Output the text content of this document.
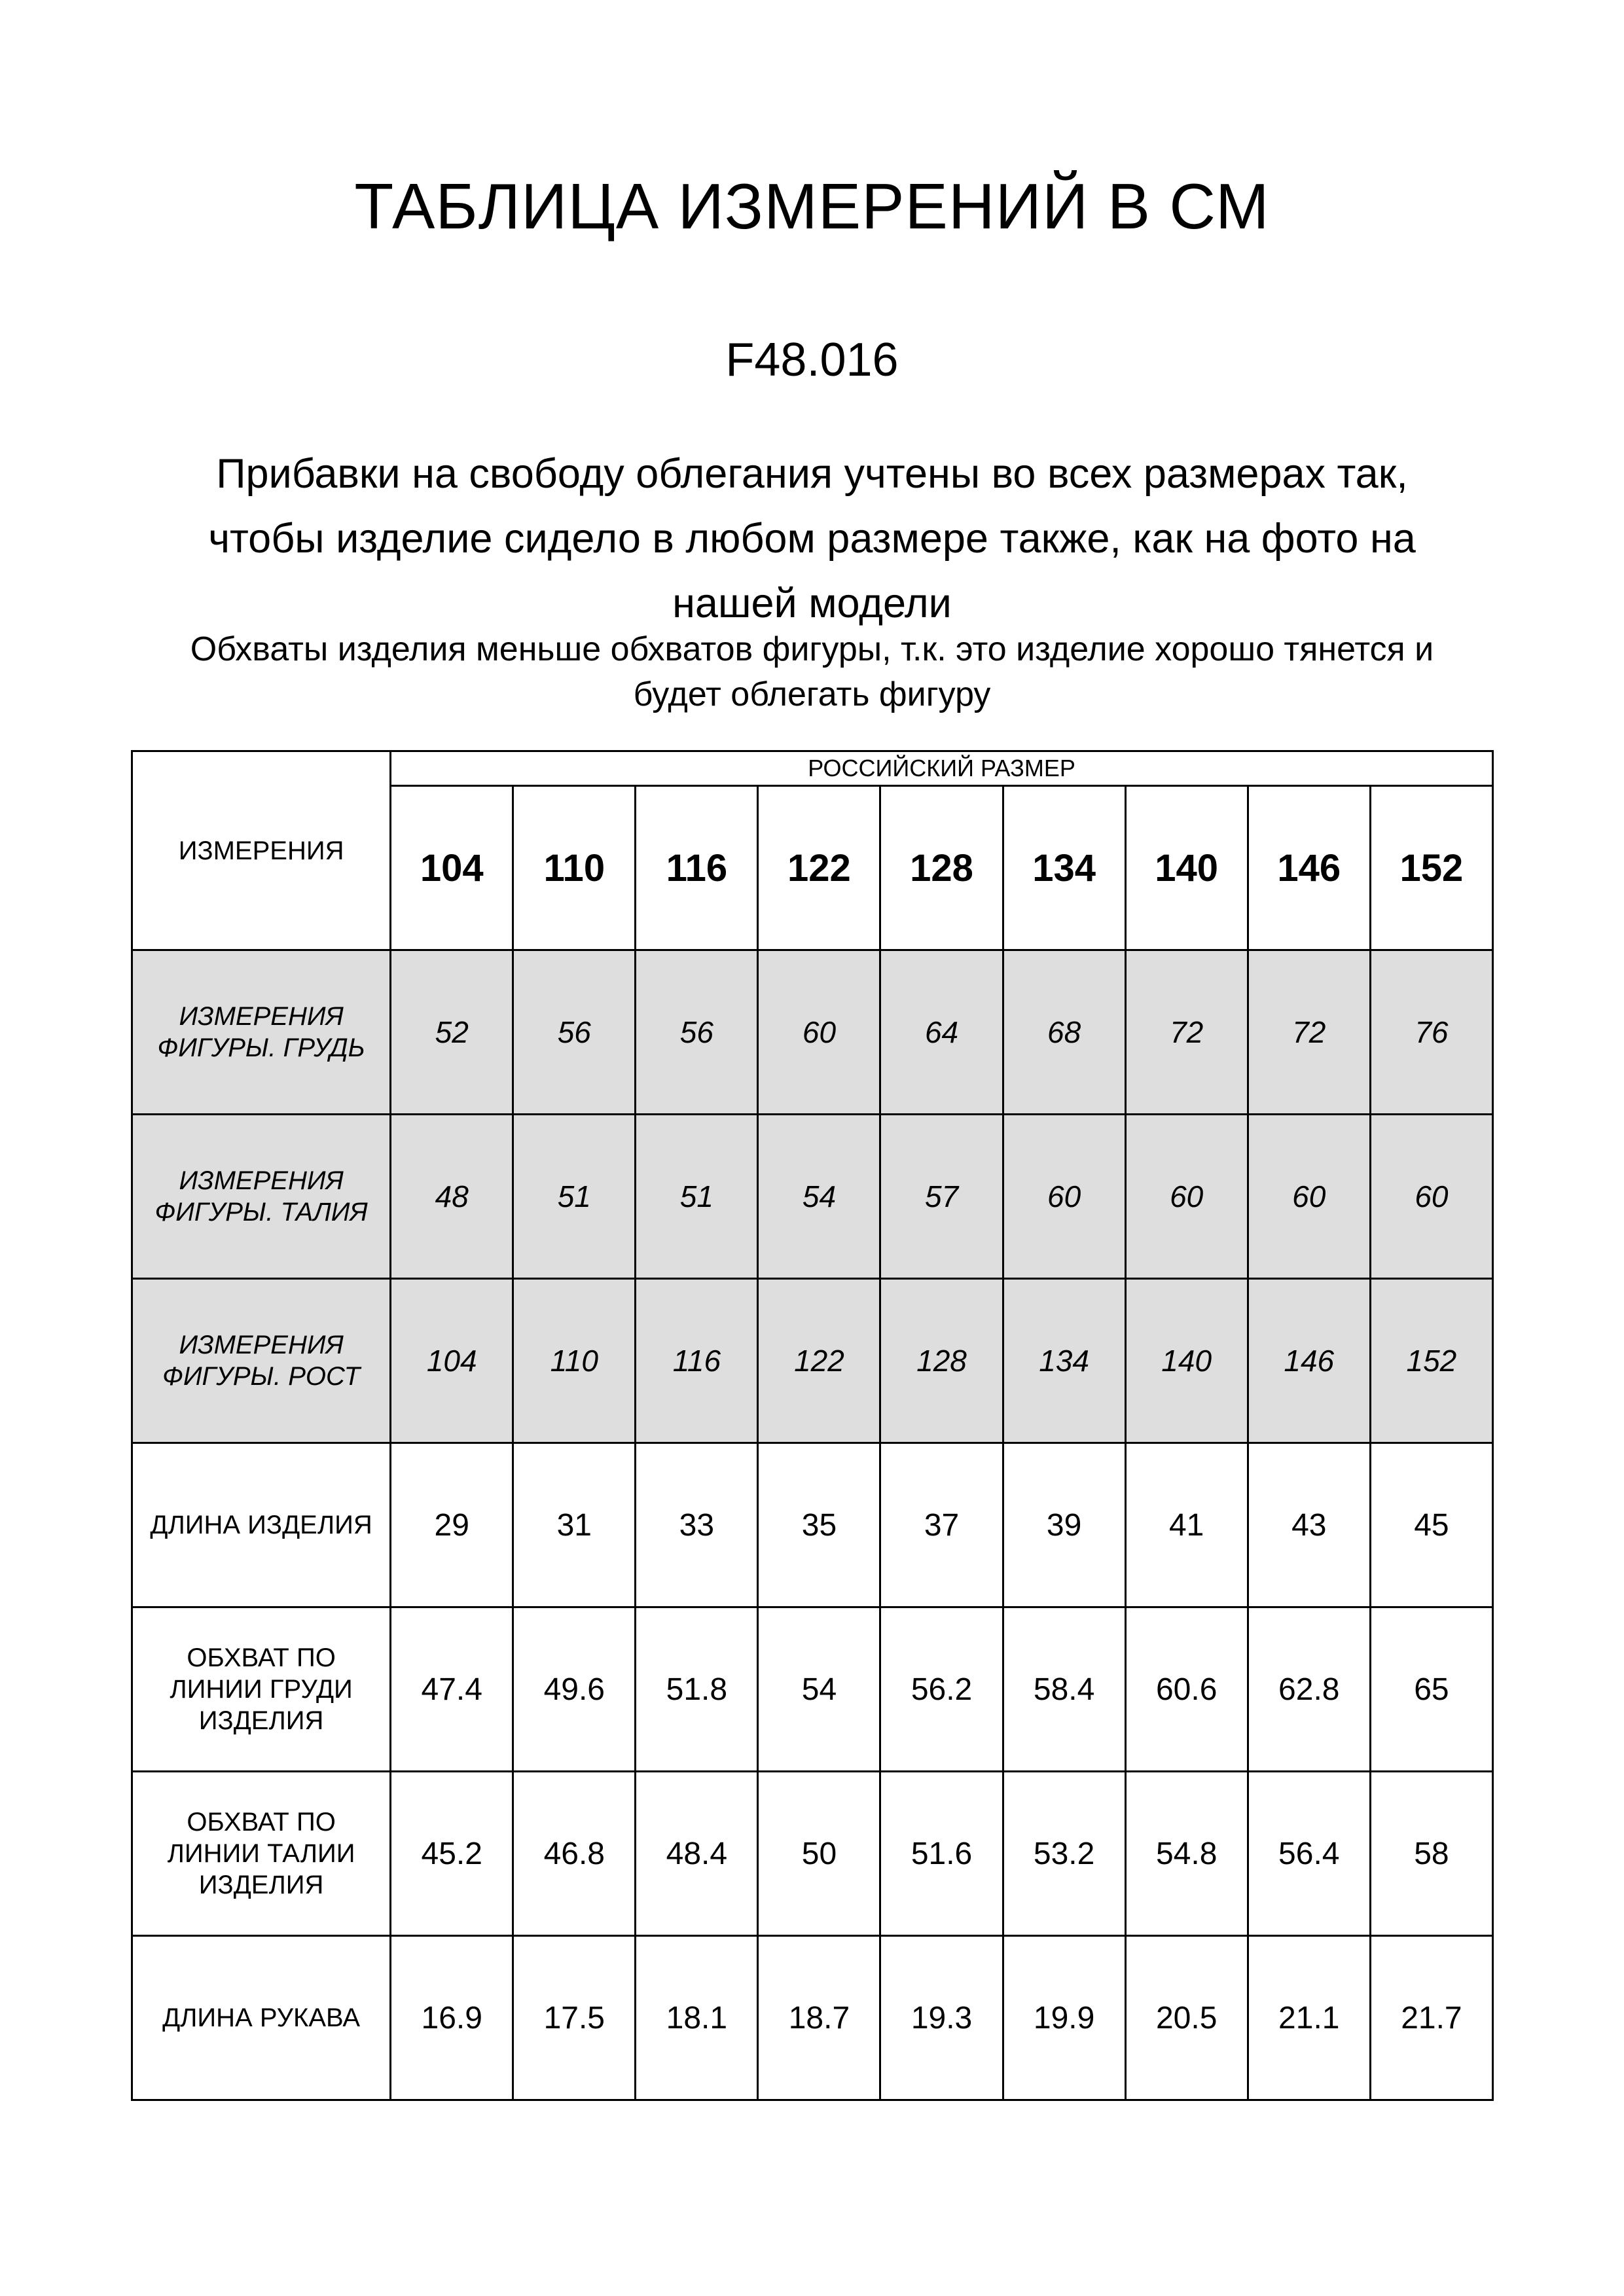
ТАБЛИЦА ИЗМЕРЕНИЙ В СМ
F48.016
Прибавки на свободу облегания учтены во всех размерах так,
чтобы изделие сидело в любом размере также, как на фото на
нашей модели
Обхваты изделия меньше обхватов фигуры, т.к. это изделие хорошо тянется и
будет облегать фигуру
ИЗМЕРЕНИЯ	РОССИЙСКИЙ РАЗМЕР								
	104	110	116	122	128	134	140	146	152

ИЗМЕРЕНИЯ
ФИГУРЫ. ГРУДЬ	52	56	56	60	64	68	72	72	76

ИЗМЕРЕНИЯ
ФИГУРЫ. ТАЛИЯ	48	51	51	54	57	60	60	60	60

ИЗМЕРЕНИЯ
ФИГУРЫ. РОСТ	104	110	116	122	128	134	140	146	152

ДЛИНА ИЗДЕЛИЯ	29	31	33	35	37	39	41	43	45

ОБХВАТ ПО
ЛИНИИ ГРУДИ
ИЗДЕЛИЯ	47.4	49.6	51.8	54	56.2	58.4	60.6	62.8	65

ОБХВАТ ПО
ЛИНИИ ТАЛИИ
ИЗДЕЛИЯ	45.2	46.8	48.4	50	51.6	53.2	54.8	56.4	58

ДЛИНА РУКАВА	16.9	17.5	18.1	18.7	19.3	19.9	20.5	21.1	21.7
